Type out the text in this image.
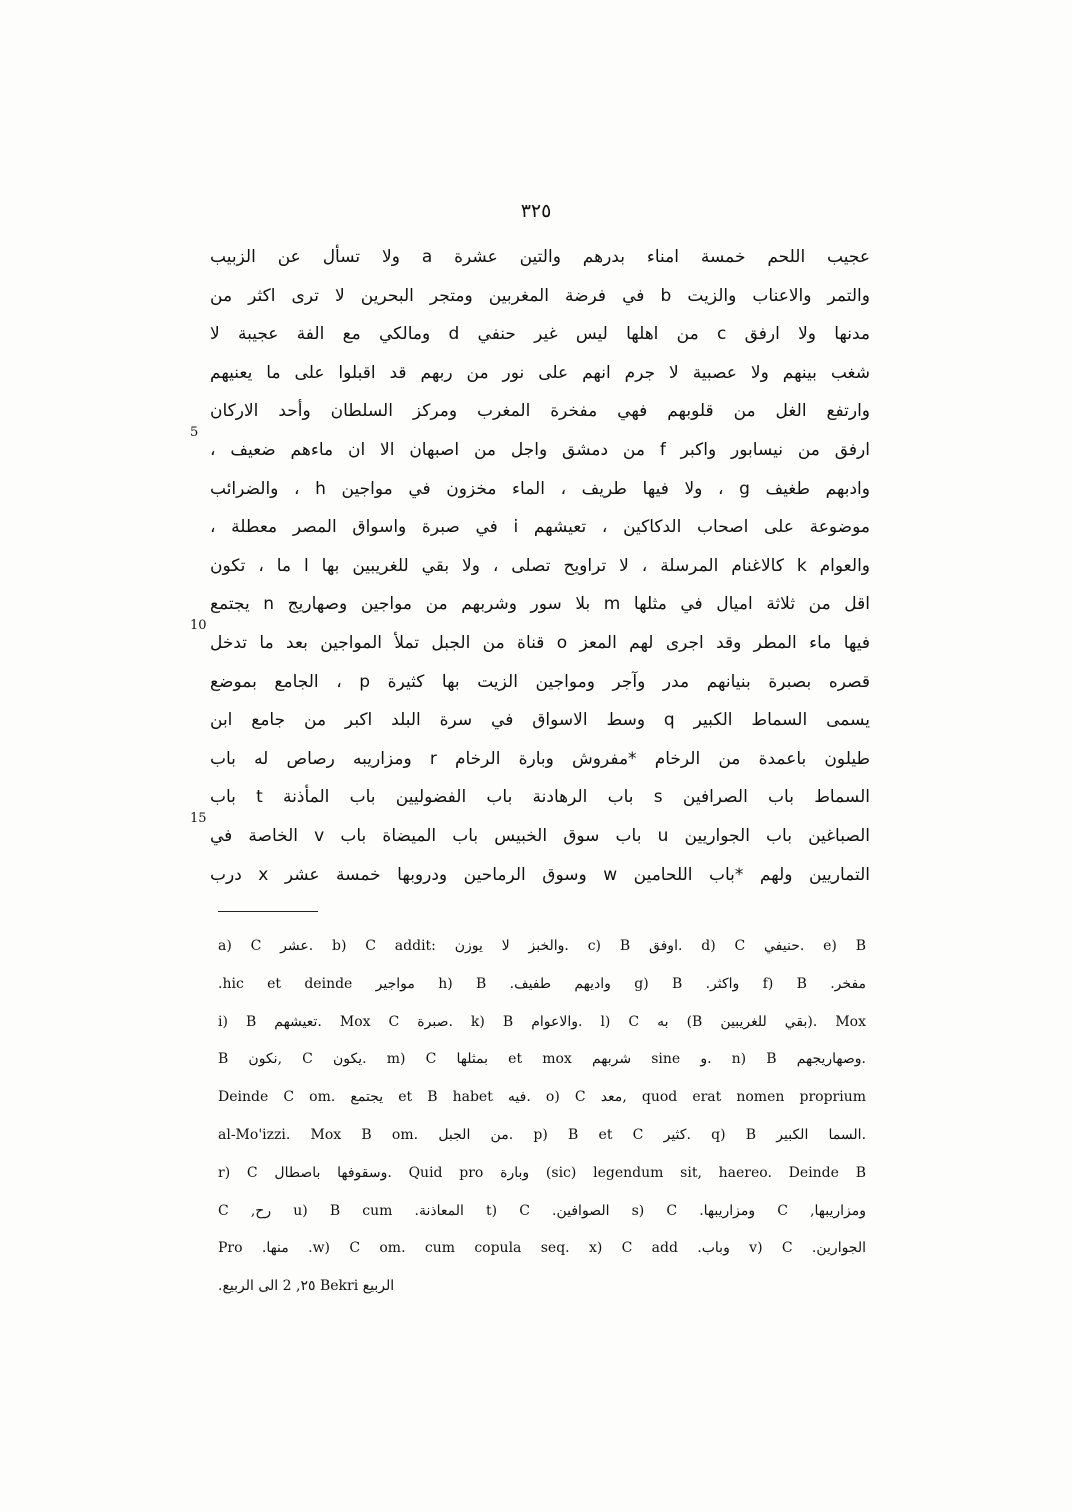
٣٢٥
عجيب اللحم خمسة امناء بدرهم والتين عشرة a ولا تسأل عن الزبيب
والتمر والاعناب والزيت b في فرضة المغربين ومتجر البحرين لا ترى اكثر من
مدنها ولا ارفق c من اهلها ليس غير حنفي d ومالكي مع الفة عجيبة لا
شغب بينهم ولا عصبية لا جرم انهم على نور من ربهم قد اقبلوا على ما يعنيهم
وارتفع الغل من قلوبهم فهي مفخرة المغرب ومركز السلطان وأحد الاركان
ارفق من نيسابور واكبر f من دمشق واجل من اصبهان الا ان ماءهم ضعيف ،
وادبهم طغيف g ، ولا فيها طريف ، الماء مخزون في مواجين h ، والضرائب
موضوعة على اصحاب الدكاكين ، تعيشهم i في صبرة واسواق المصر معطلة ،
والعوام k كالاغنام المرسلة ، لا تراويح تصلى ، ولا بقي للغريبين بها l ما ، تكون
اقل من ثلاثة اميال في مثلها m بلا سور وشربهم من مواجين وصهاريج n يجتمع
فيها ماء المطر وقد اجرى لهم المعز o قناة من الجبل تملأ المواجين بعد ما تدخل
قصره بصبرة بنيانهم مدر وآجر ومواجين الزيت بها كثيرة p ، الجامع بموضع
يسمى السماط الكبير q وسط الاسواق في سرة البلد اكبر من جامع ابن
طيلون باعمدة من الرخام *مفروش وبارة الرخام r ومزاريبه رصاص له باب
السماط باب الصرافين s باب الرهادنة باب الفضوليين باب المأذنة t باب
الصباغين باب الجواريين u باب سوق الخبيس باب الميضاة باب v الخاصة في
التماريين ولهم *باب اللحامين w وسوق الرماحين ودروبها خمسة عشر x درب
5
10
15
a) C عشر. b) C addit: والخبز لا يوزن. c) B اوفق. d) C حنيفي. e) B
مفخر. f) B واكثر. g) B واديهم طفيف. h) B مواجير hic et deinde.
i) B تعيشهم. Mox C صبرة. k) B والاعوام. l) C به (B بقي للغريبين). Mox
B نكون, C يكون. m) C بمثلها et mox شربهم sine و. n) B وصهاريجهم.
Deinde C om. يجتمع et B habet فيه. o) C معد, quod erat nomen proprium
al-Mo'izzi. Mox B om. من الجبل. p) B et C كثير. q) B السما الكبير.
r) C وسقوفها باصطال. Quid pro وبارة (sic) legendum sit, haereo. Deinde B
ومزاريبها, C ومزاريبها. s) C الصوافين. t) C المعاذنة. u) B cum رح, C
الجوارين. v) C وباب. w) C om. cum copula seq. x) C add. منها. Pro
الربيع Bekri ٢٥, 2 الى الربيع.
